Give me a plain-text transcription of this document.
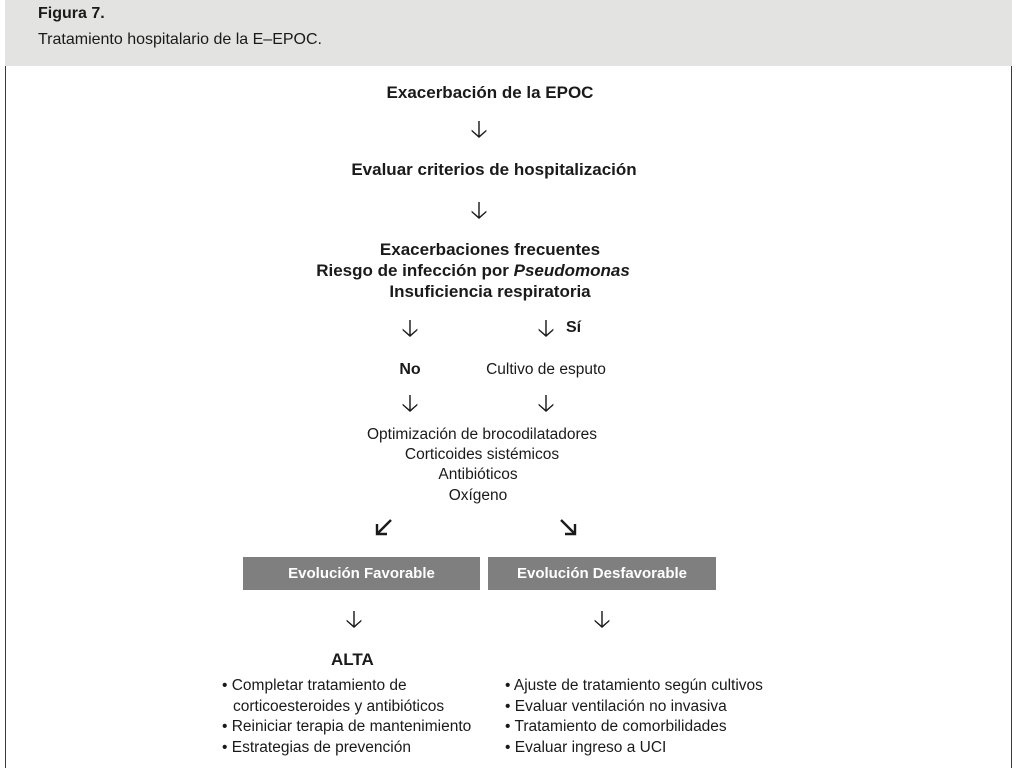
Figura 7.
Tratamiento hospitalario de la E–EPOC.
Exacerbación de la EPOC
🡣
Evaluar criterios de hospitalización
🡣
Exacerbaciones frecuentes
Riesgo de infección por Pseudomonas
Insuficiencia respiratoria
🡣	🡣 Sí
No	Cultivo de esputo
🡣	🡣
Optimización de brocodilatadores
Corticoides sistémicos
Antibióticos
Oxígeno
Evolución Favorable	Evolución Desfavorable
🡣	🡣
ALTA
• Completar tratamiento de
corticoesteroides y antibióticos
• Reiniciar terapia de mantenimiento
• Estrategias de prevención
• Ajuste de tratamiento según cultivos
• Evaluar ventilación no invasiva
• Tratamiento de comorbilidades
• Evaluar ingreso a UCI
